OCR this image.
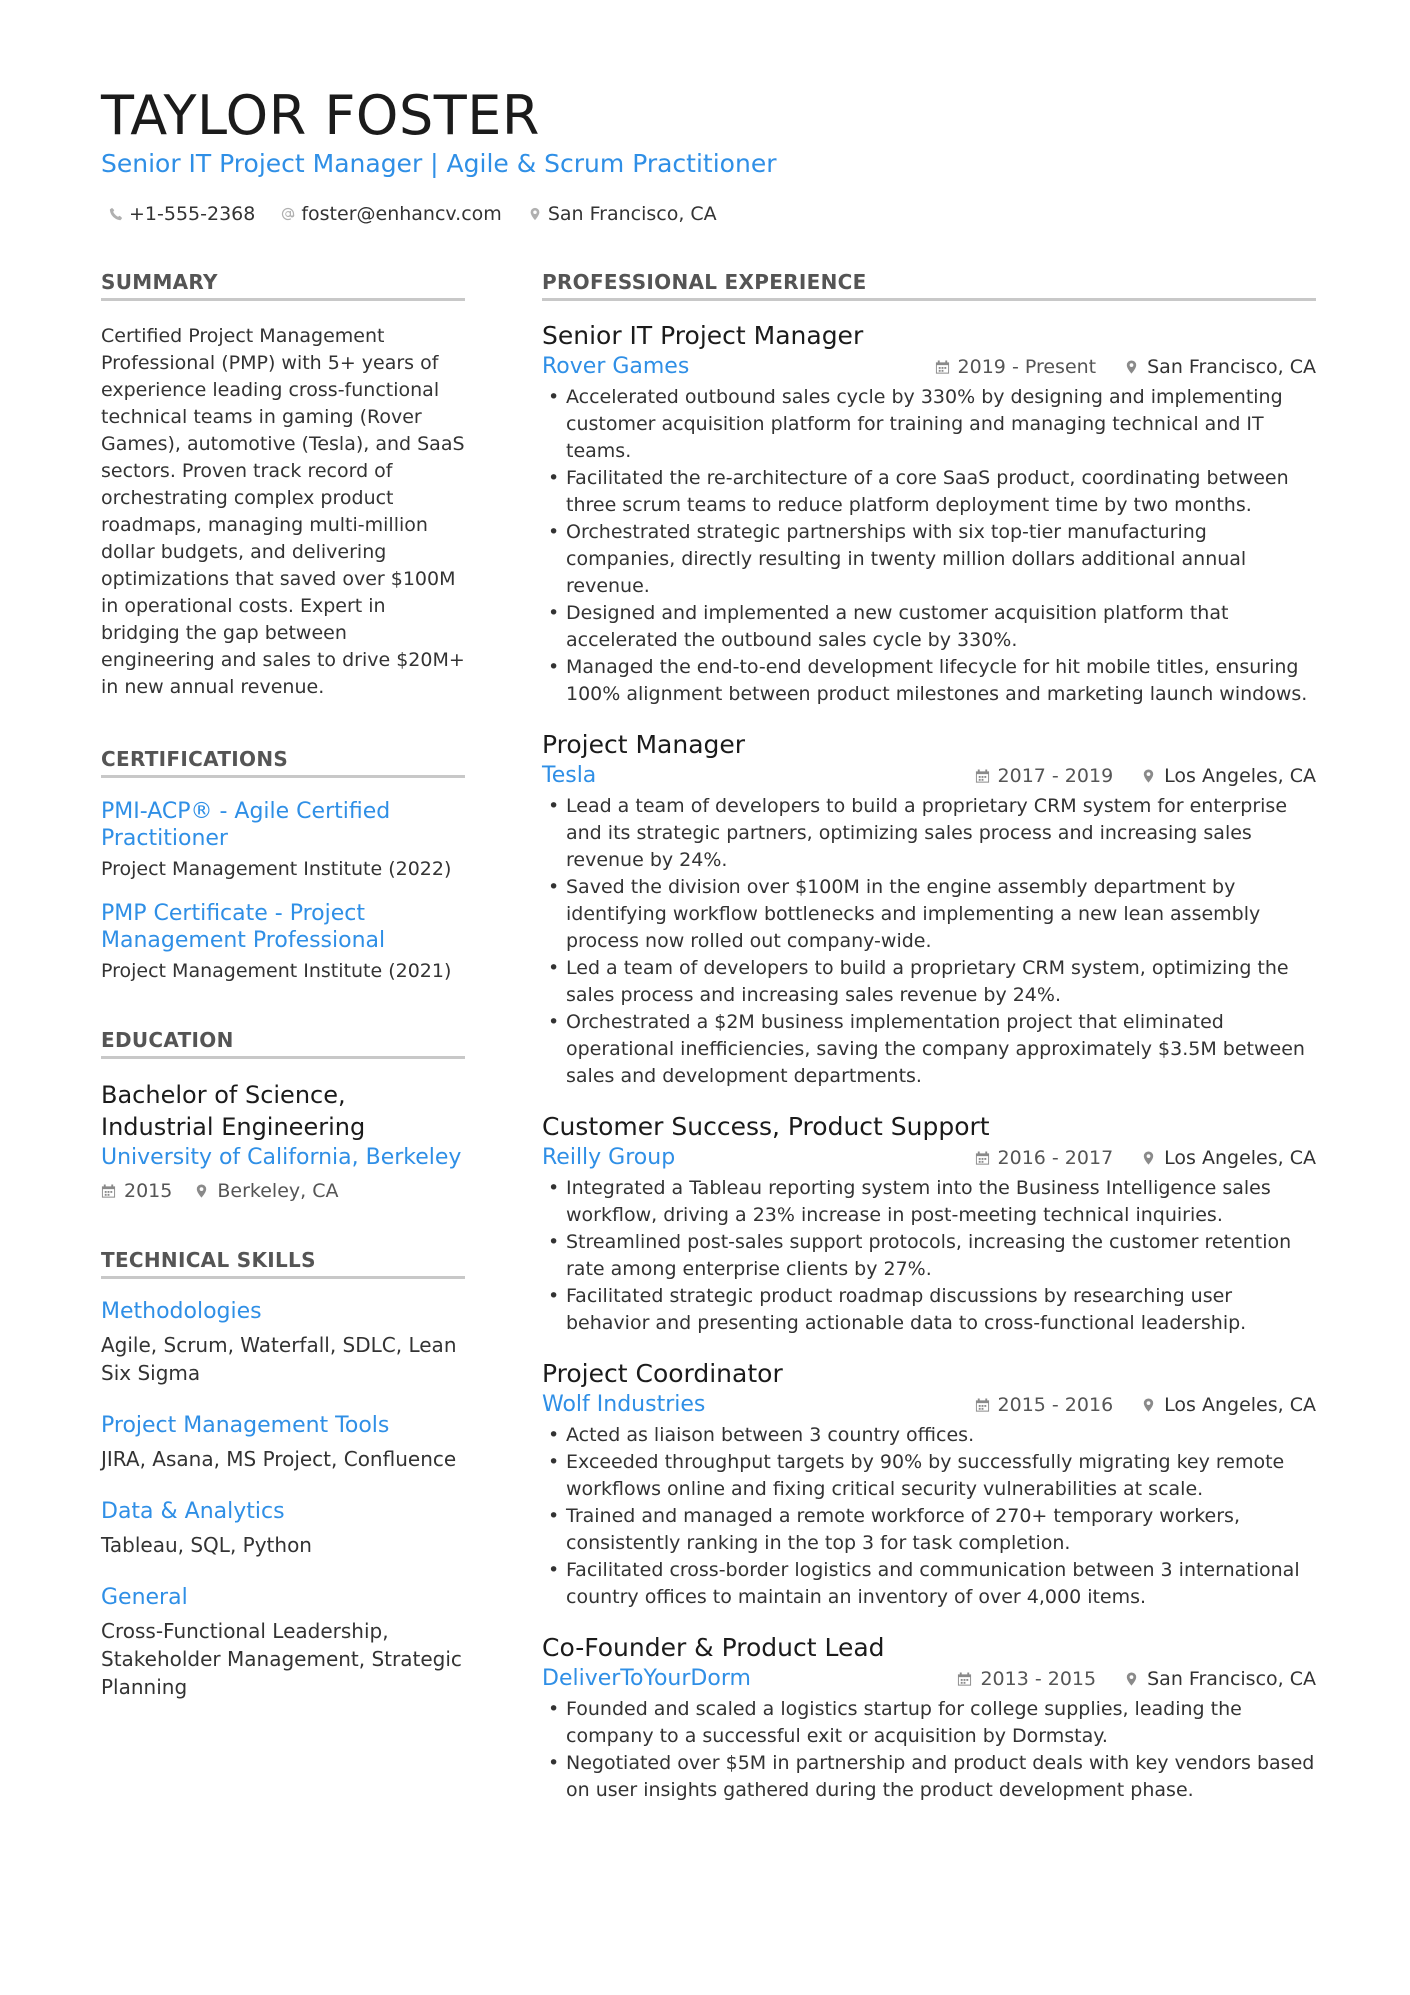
TAYLOR FOSTER
Senior IT Project Manager | Agile & Scrum Practitioner
+1-555-2368 foster@enhancv.com San Francisco, CA
SUMMARY
Certified Project Management Professional (PMP) with 5+ years of experience leading cross-functional technical teams in gaming (Rover Games), automotive (Tesla), and SaaS sectors. Proven track record of orchestrating complex product roadmaps, managing multi-million dollar budgets, and delivering optimizations that saved over $100M in operational costs. Expert in bridging the gap between engineering and sales to drive $20M+ in new annual revenue.
CERTIFICATIONS
PMI-ACP® - Agile Certified Practitioner
Project Management Institute (2022)
PMP Certificate - Project Management Professional
Project Management Institute (2021)
EDUCATION
Bachelor of Science, Industrial Engineering
University of California, Berkeley
2015 Berkeley, CA
TECHNICAL SKILLS
Methodologies
Agile, Scrum, Waterfall, SDLC, Lean Six Sigma
Project Management Tools
JIRA, Asana, MS Project, Confluence
Data & Analytics
Tableau, SQL, Python
General
Cross-Functional Leadership, Stakeholder Management, Strategic Planning
PROFESSIONAL EXPERIENCE
Senior IT Project Manager
Rover Games	2019 - Present	San Francisco, CA
• Accelerated outbound sales cycle by 330% by designing and implementing customer acquisition platform for training and managing technical and IT teams.
• Facilitated the re-architecture of a core SaaS product, coordinating between three scrum teams to reduce platform deployment time by two months.
• Orchestrated strategic partnerships with six top-tier manufacturing companies, directly resulting in twenty million dollars additional annual revenue.
• Designed and implemented a new customer acquisition platform that accelerated the outbound sales cycle by 330%.
• Managed the end-to-end development lifecycle for hit mobile titles, ensuring 100% alignment between product milestones and marketing launch windows.
Project Manager
Tesla	2017 - 2019	Los Angeles, CA
• Lead a team of developers to build a proprietary CRM system for enterprise and its strategic partners, optimizing sales process and increasing sales revenue by 24%.
• Saved the division over $100M in the engine assembly department by identifying workflow bottlenecks and implementing a new lean assembly process now rolled out company-wide.
• Led a team of developers to build a proprietary CRM system, optimizing the sales process and increasing sales revenue by 24%.
• Orchestrated a $2M business implementation project that eliminated operational inefficiencies, saving the company approximately $3.5M between sales and development departments.
Customer Success, Product Support
Reilly Group	2016 - 2017	Los Angeles, CA
• Integrated a Tableau reporting system into the Business Intelligence sales workflow, driving a 23% increase in post-meeting technical inquiries.
• Streamlined post-sales support protocols, increasing the customer retention rate among enterprise clients by 27%.
• Facilitated strategic product roadmap discussions by researching user behavior and presenting actionable data to cross-functional leadership.
Project Coordinator
Wolf Industries	2015 - 2016	Los Angeles, CA
• Acted as liaison between 3 country offices.
• Exceeded throughput targets by 90% by successfully migrating key remote workflows online and fixing critical security vulnerabilities at scale.
• Trained and managed a remote workforce of 270+ temporary workers, consistently ranking in the top 3 for task completion.
• Facilitated cross-border logistics and communication between 3 international country offices to maintain an inventory of over 4,000 items.
Co-Founder & Product Lead
DeliverToYourDorm	2013 - 2015	San Francisco, CA
• Founded and scaled a logistics startup for college supplies, leading the company to a successful exit or acquisition by Dormstay.
• Negotiated over $5M in partnership and product deals with key vendors based on user insights gathered during the product development phase.
